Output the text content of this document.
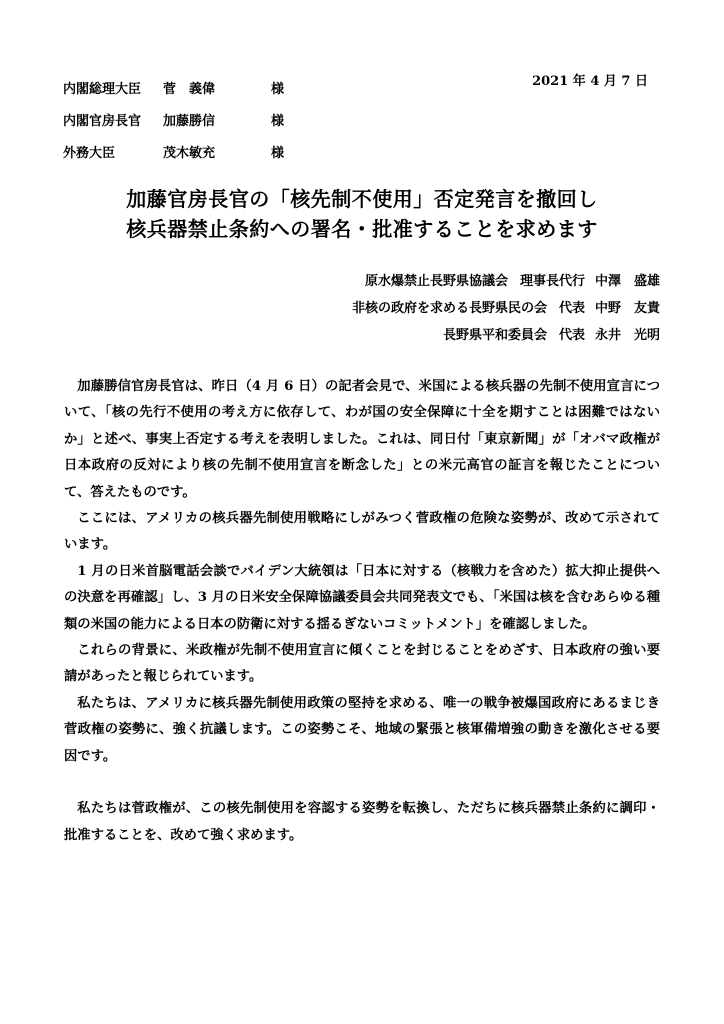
2021 年 4 月 7 日
内閣総理大臣 菅　義偉	様
内閣官房長官 加藤勝信	様
外務大臣	茂木敏充	様
加藤官房長官の「核先制不使用」否定発言を撤回し
核兵器禁止条約への署名・批准することを求めます
原水爆禁止長野県協議会 理事長代行 中澤　盛雄
非核の政府を求める長野県民の会 代表 中野　友貴
長野県平和委員会 代表 永井　光明

加藤勝信官房長官は、昨日（4 月 6 日）の記者会見で、米国による核兵器の先制不使用宣言について、「核の先行不使用の考え方に依存して、わが国の安全保障に十全を期すことは困難ではないか」と述べ、事実上否定する考えを表明しました。これは、同日付「東京新聞」が「オバマ政権が日本政府の反対により核の先制不使用宣言を断念した」との米元高官の証言を報じたことについて、答えたものです。

ここには、アメリカの核兵器先制使用戦略にしがみつく菅政権の危険な姿勢が、改めて示されています。

1 月の日米首脳電話会談でバイデン大統領は「日本に対する（核戦力を含めた）拡大抑止提供への決意を再確認」し、3 月の日米安全保障協議委員会共同発表文でも、「米国は核を含むあらゆる種類の米国の能力による日本の防衛に対する揺るぎないコミットメント」を確認しました。

これらの背景に、米政権が先制不使用宣言に傾くことを封じることをめざす、日本政府の強い要請があったと報じられています。

私たちは、アメリカに核兵器先制使用政策の堅持を求める、唯一の戦争被爆国政府にあるまじき菅政権の姿勢に、強く抗議します。この姿勢こそ、地域の緊張と核軍備増強の動きを激化させる要因です。

私たちは菅政権が、この核先制使用を容認する姿勢を転換し、ただちに核兵器禁止条約に調印・批准することを、改めて強く求めます。
